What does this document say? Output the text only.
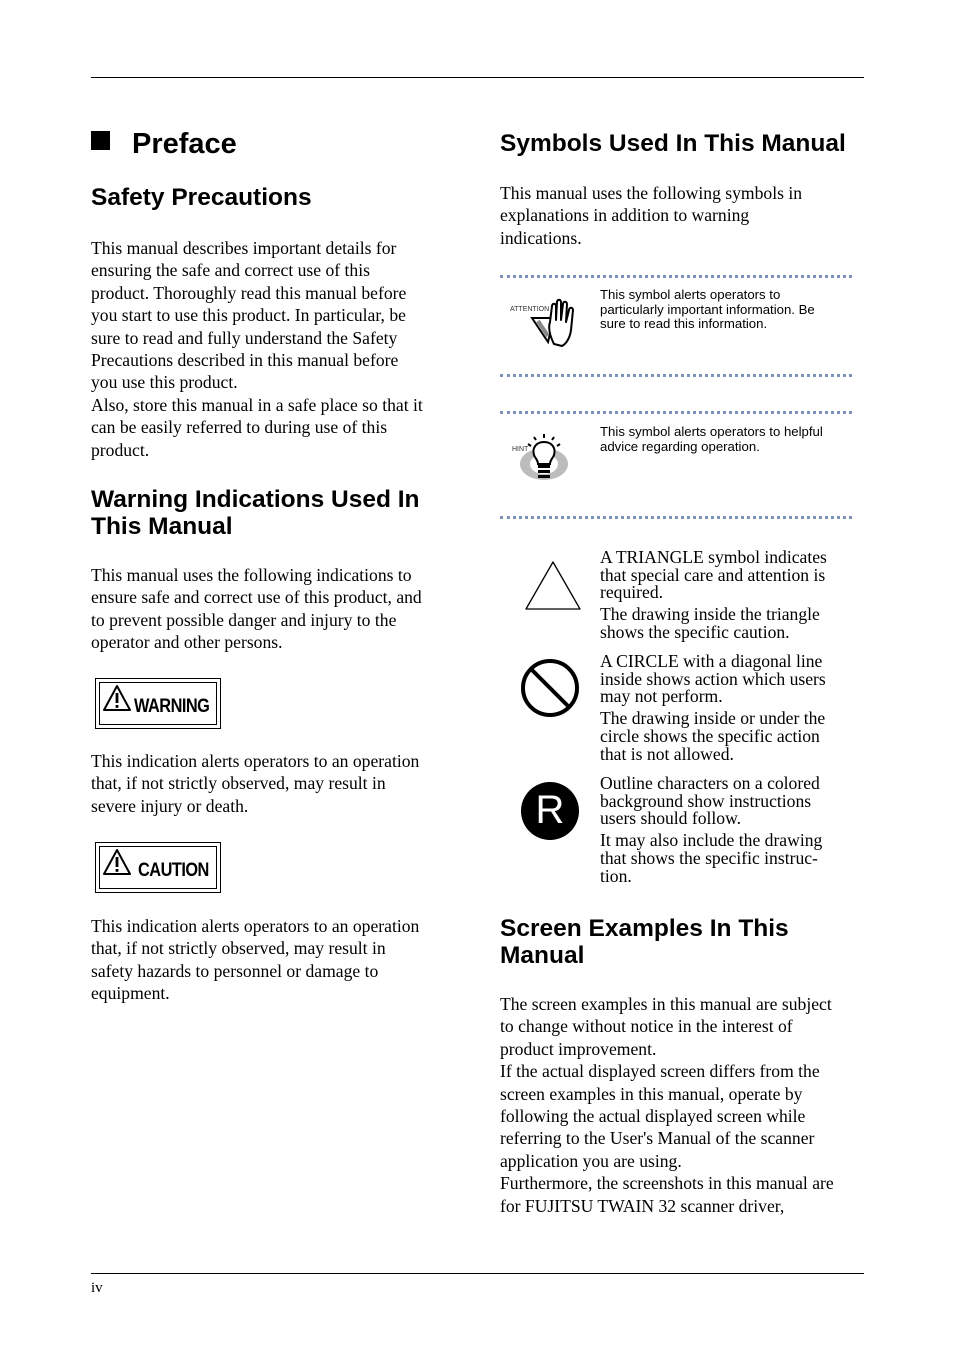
Preface
Safety Precautions
This manual describes important details for
ensuring the safe and correct use of this
product. Thoroughly read this manual before
you start to use this product. In particular, be
sure to read and fully understand the Safety
Precautions described in this manual before
you use this product.
Also, store this manual in a safe place so that it
can be easily referred to during use of this
product.
Warning Indications Used In
This Manual
This manual uses the following indications to
ensure safe and correct use of this product, and
to prevent possible danger and injury to the
operator and other persons.
WARNING
This indication alerts operators to an operation
that, if not strictly observed, may result in
severe injury or death.
CAUTION
This indication alerts operators to an operation
that, if not strictly observed, may result in
safety hazards to personnel or damage to
equipment.
Symbols Used In This Manual
This manual uses the following symbols in
explanations in addition to warning
indications.
ATTENTION
This symbol alerts operators to
particularly important information. Be
sure to read this information.
HINT
This symbol alerts operators to helpful
advice regarding operation.
A TRIANGLE symbol indicates
that special care and attention is
required.
The drawing inside the triangle
shows the specific caution.
A CIRCLE with a diagonal line
inside shows action which users
may not perform.
The drawing inside or under the
circle shows the specific action
that is not allowed.
R
Outline characters on a colored
background show instructions
users should follow.
It may also include the drawing
that shows the specific instruc-
tion.
Screen Examples In This
Manual
The screen examples in this manual are subject
to change without notice in the interest of
product improvement.
If the actual displayed screen differs from the
screen examples in this manual, operate by
following the actual displayed screen while
referring to the User's Manual of the scanner
application you are using.
Furthermore, the screenshots in this manual are
for FUJITSU TWAIN 32 scanner driver,
iv
